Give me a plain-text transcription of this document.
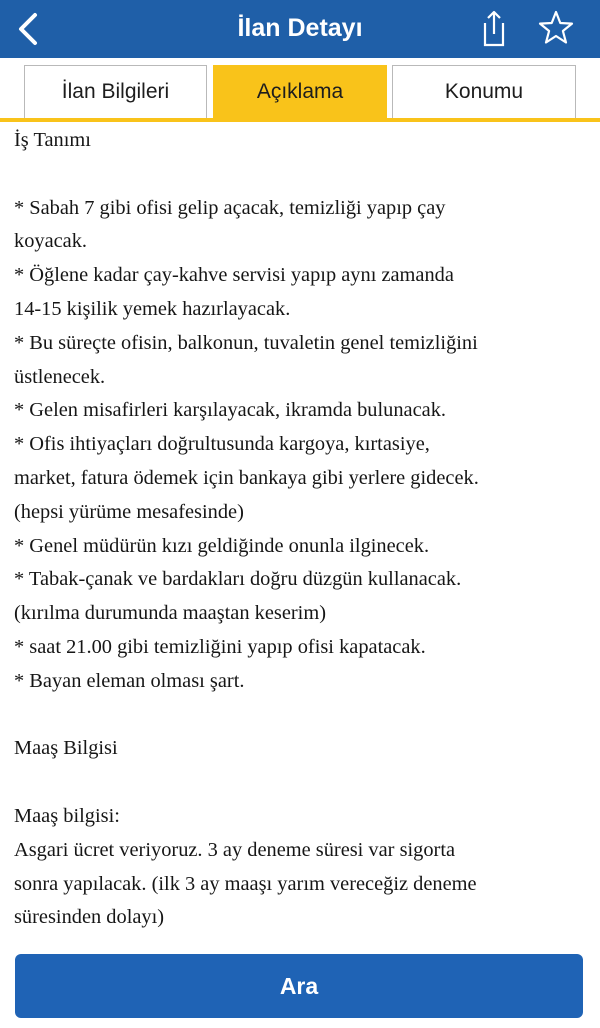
İlan Detayı
İlan Bilgileri	Açıklama	Konumu
İş Tanımı
* Sabah 7 gibi ofisi gelip açacak, temizliği yapıp çay
koyacak.
* Öğlene kadar çay-kahve servisi yapıp aynı zamanda
14-15 kişilik yemek hazırlayacak.
* Bu süreçte ofisin, balkonun, tuvaletin genel temizliğini
üstlenecek.
* Gelen misafirleri karşılayacak, ikramda bulunacak.
* Ofis ihtiyaçları doğrultusunda kargoya, kırtasiye,
market, fatura ödemek için bankaya gibi yerlere gidecek.
(hepsi yürüme mesafesinde)
* Genel müdürün kızı geldiğinde onunla ilginecek.
* Tabak-çanak ve bardakları doğru düzgün kullanacak.
(kırılma durumunda maaştan keserim)
* saat 21.00 gibi temizliğini yapıp ofisi kapatacak.
* Bayan eleman olması şart.
Maaş Bilgisi
Maaş bilgisi:
Asgari ücret veriyoruz. 3 ay deneme süresi var sigorta
sonra yapılacak. (ilk 3 ay maaşı yarım vereceğiz deneme
süresinden dolayı)
Ara
